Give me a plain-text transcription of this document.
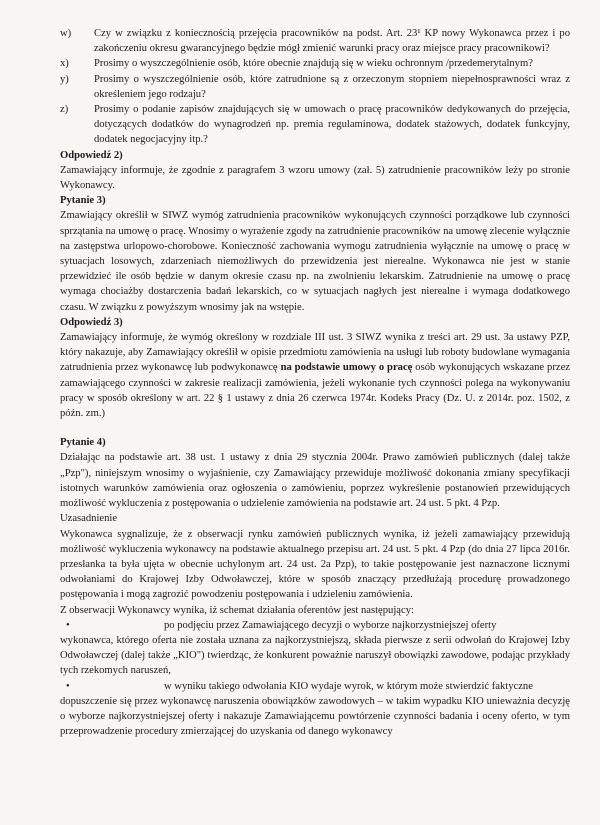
w)	Czy w związku z koniecznością przejęcia pracowników na podst. Art. 23¹ KP nowy Wykonawca przez i po zakończeniu okresu gwarancyjnego będzie mógł zmienić warunki pracy oraz miejsce pracy pracownikowi?
x)	Prosimy o wyszczególnienie osób, które obecnie znajdują się w wieku ochronnym /przedemerytalnym?
y)	Prosimy o wyszczególnienie osób, które zatrudnione są z orzeczonym stopniem niepełnosprawności wraz z określeniem jego rodzaju?
z)	Prosimy o podanie zapisów znajdujących się w umowach o pracę pracowników dedykowanych do przejęcia, dotyczących dodatków do wynagrodzeń np. premia regulaminowa, dodatek stażowych, dodatek funkcyjny, dodatek negocjacyjny itp.?

Odpowiedź 2)

Zamawiający informuje, że zgodnie z paragrafem 3 wzoru umowy (zał. 5) zatrudnienie pracowników leży po stronie Wykonawcy.

Pytanie 3)

Zmawiający określił w SIWZ wymóg zatrudnienia pracowników wykonujących czynności porządkowe lub czynności sprzątania na umowę o pracę. Wnosimy o wyrażenie zgody na zatrudnienie pracowników na umowę zlecenie wyłącznie na zastępstwa urlopowo-chorobowe. Konieczność zachowania wymogu zatrudnienia wyłącznie na umowę o pracę w sytuacjach losowych, zdarzeniach niemożliwych do przewidzenia jest nierealne. Wykonawca nie jest w stanie przewidzieć ile osób będzie w danym okresie czasu np. na zwolnieniu lekarskim. Zatrudnienie na umowę o pracę wymaga chociażby dostarczenia badań lekarskich, co w sytuacjach nagłych jest nierealne i wymaga dodatkowego czasu. W związku z powyższym wnosimy jak na wstępie.

Odpowiedź 3)

Zamawiający informuje, że wymóg określony w rozdziale III ust. 3 SIWZ wynika z treści art. 29 ust. 3a ustawy PZP, który nakazuje, aby Zamawiający określił w opisie przedmiotu zamówienia na usługi lub roboty budowlane wymagania zatrudnienia przez wykonawcę lub podwykonawcę na podstawie umowy o pracę osób wykonujących wskazane przez zamawiającego czynności w zakresie realizacji zamówienia, jeżeli wykonanie tych czynności polega na wykonywaniu pracy w sposób określony w art. 22 § 1 ustawy z dnia 26 czerwca 1974r. Kodeks Pracy (Dz. U. z 2014r. poz. 1502, z późn. zm.)

Pytanie 4)

Działając na podstawie art. 38 ust. 1 ustawy z dnia 29 stycznia 2004r. Prawo zamówień publicznych (dalej także „Pzp"), niniejszym wnosimy o wyjaśnienie, czy Zamawiający przewiduje możliwość dokonania zmiany specyfikacji istotnych warunków zamówienia oraz ogłoszenia o zamówieniu, poprzez wykreślenie postanowień przewidujących możliwość wykluczenia z postępowania o udzielenie zamówienia na podstawie art. 24 ust. 5 pkt. 4 Pzp.

Uzasadnienie

Wykonawca sygnalizuje, że z obserwacji rynku zamówień publicznych wynika, iż jeżeli zamawiający przewidują możliwość wykluczenia wykonawcy na podstawie aktualnego przepisu art. 24 ust. 5 pkt. 4 Pzp (do dnia 27 lipca 2016r. przesłanka ta była ujęta w obecnie uchylonym art. 24 ust. 2a Pzp), to takie postępowanie jest naznaczone licznymi odwołaniami do Krajowej Izby Odwoławczej, które w sposób znaczący przedłużają procedurę prowadzonego postępowania i mogą zagrozić powodzeniu postępowania i udzieleniu zamówienia.

Z obserwacji Wykonawcy wynika, iż schemat działania oferentów jest następujący:

•	po podjęciu przez Zamawiającego decyzji o wyborze najkorzystniejszej oferty

wykonawca, którego oferta nie została uznana za najkorzystniejszą, składa pierwsze z serii odwołań do Krajowej Izby Odwoławczej (dalej także „KIO") twierdząc, że konkurent poważnie naruszył obowiązki zawodowe, podając przykłady tych rzekomych naruszeń,

•	w wyniku takiego odwołania KIO wydaje wyrok, w którym może stwierdzić faktyczne

dopuszczenie się przez wykonawcę naruszenia obowiązków zawodowych – w takim wypadku KIO unieważnia decyzję o wyborze najkorzystniejszej oferty i nakazuje Zamawiającemu powtórzenie czynności badania i oceny oferto, w tym przeprowadzenie procedury zmierzającej do uzyskania od danego wykonawcy
